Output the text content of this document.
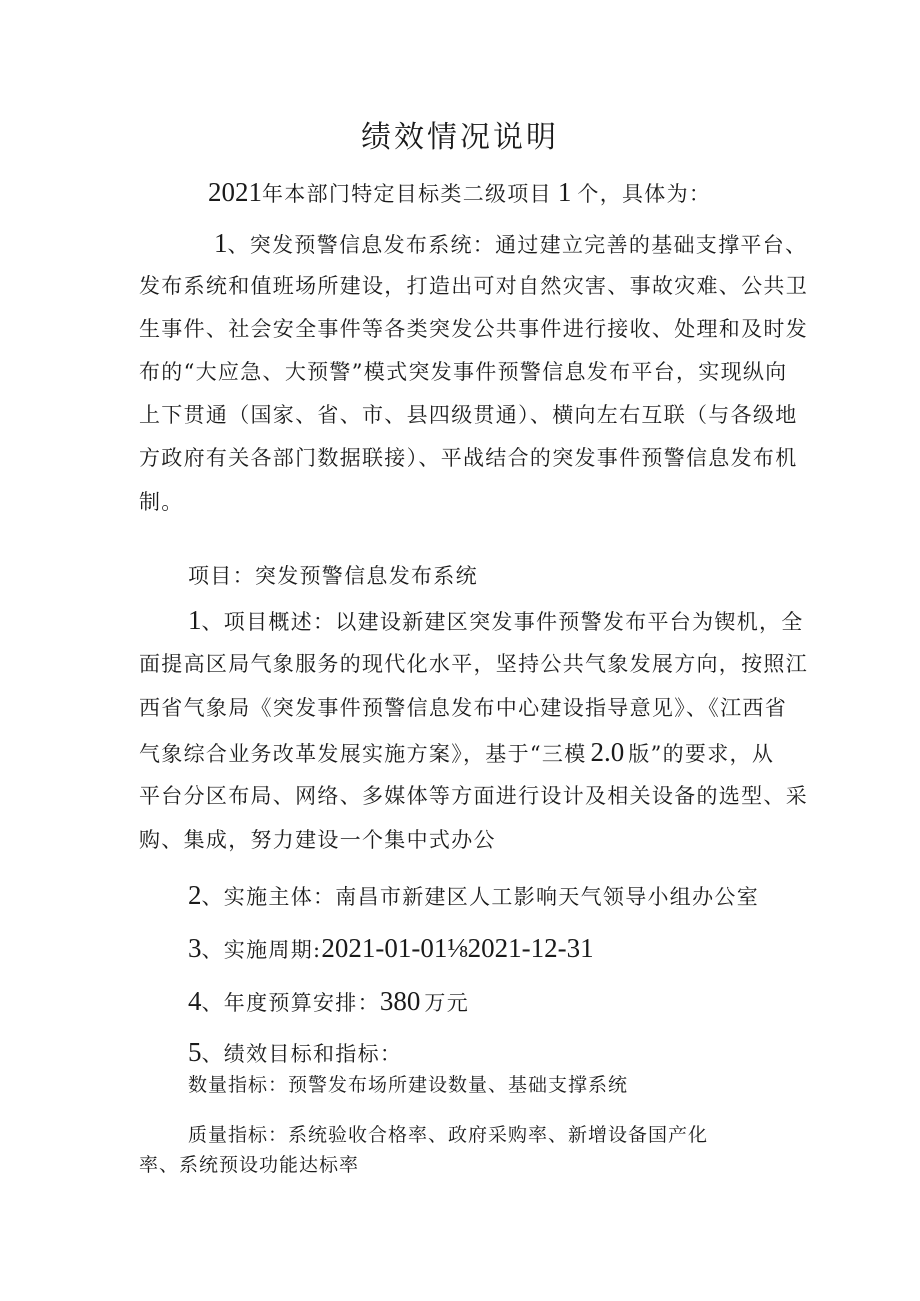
绩效情况说明
2021年本部门特定目标类二级项目 1 个，具体为：
1、突发预警信息发布系统：通过建立完善的基础支撑平台、
发布系统和值班场所建设，打造出可对自然灾害、事故灾难、公共卫
生事件、社会安全事件等各类突发公共事件进行接收、处理和及时发
布的“大应急、大预警”模式突发事件预警信息发布平台，实现纵向
上下贯通（国家、省、市、县四级贯通）、横向左右互联（与各级地
方政府有关各部门数据联接）、平战结合的突发事件预警信息发布机
制。
项目：突发预警信息发布系统
1、项目概述：以建设新建区突发事件预警发布平台为锲机，全
面提高区局气象服务的现代化水平，坚持公共气象发展方向，按照江
西省气象局《突发事件预警信息发布中心建设指导意见》、《江西省
气象综合业务改革发展实施方案》，基于“三模 2.0 版”的要求，从
平台分区布局、网络、多媒体等方面进行设计及相关设备的选型、采
购、集成，努力建设一个集中式办公
2、实施主体：南昌市新建区人工影响天气领导小组办公室
3、实施周期:2021-01-01⅛2021-12-31
4、年度预算安排：380 万元
5、绩效目标和指标：
数量指标：预警发布场所建设数量、基础支撑系统
质量指标：系统验收合格率、政府采购率、新增设备国产化
率、系统预设功能达标率
